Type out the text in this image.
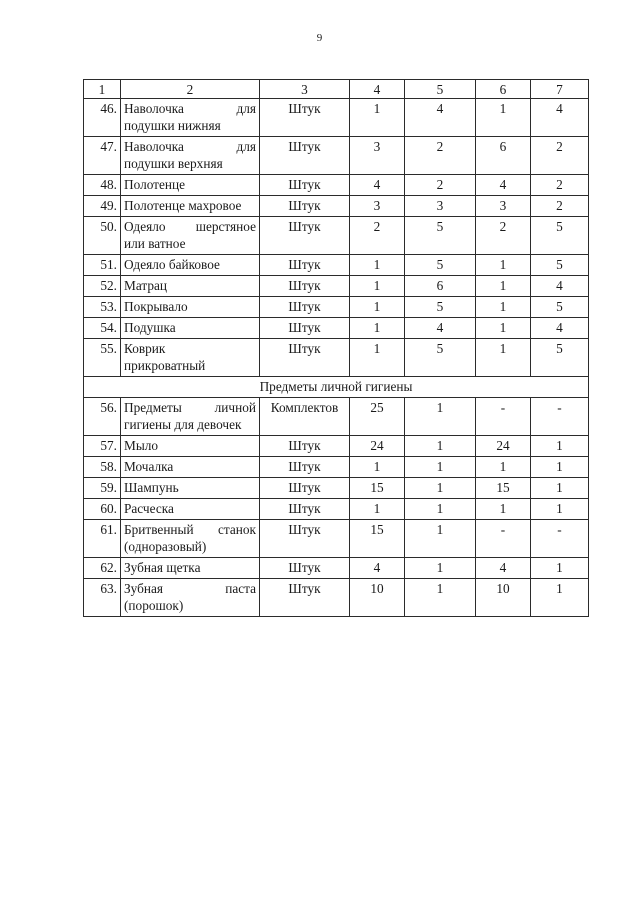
9
1	2	3	4	5	6	7
46.	Наволочка для
подушки нижняя	Штук	1	4	1	4
47.	Наволочка для
подушки верхняя	Штук	3	2	6	2
48.	Полотенце	Штук	4	2	4	2
49.	Полотенце махровое	Штук	3	3	3	2
50.	Одеяло шерстяное
или ватное	Штук	2	5	2	5
51.	Одеяло байковое	Штук	1	5	1	5
52.	Матрац	Штук	1	6	1	4
53.	Покрывало	Штук	1	5	1	5
54.	Подушка	Штук	1	4	1	4
55.	Коврик
прикроватный	Штук	1	5	1	5
Предметы личной гигиены						
56.	Предметы личной
гигиены для девочек	Комплектов	25	1	-	-
57.	Мыло	Штук	24	1	24	1
58.	Мочалка	Штук	1	1	1	1
59.	Шампунь	Штук	15	1	15	1
60.	Расческа	Штук	1	1	1	1
61.	Бритвенный станок
(одноразовый)	Штук	15	1	-	-
62.	Зубная щетка	Штук	4	1	4	1
63.	Зубная паста
(порошок)	Штук	10	1	10	1
